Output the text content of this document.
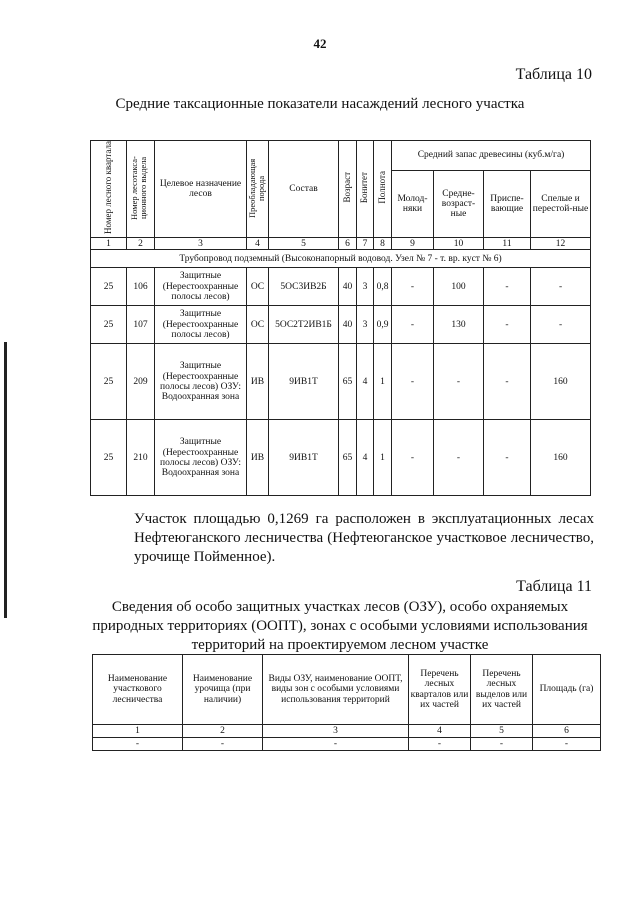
42
Таблица 10
Средние таксационные показатели насаждений лесного участка
Номер лесного квартала	Номер лесотакса-ционного выдела	Целевое назначение лесов	Преобладающая порода	Состав	Возраст	Бонитет	Полнота	Средний запас древесины (куб.м/га)			
								Молод-няки	Средне-возраст-ные	Приспе-вающие	Спелые и перестой-ные
1	2	3	4	5	6	7	8	9	10	11	12
Трубопровод подземный (Высоконапорный водовод. Узел № 7 - т. вр. куст № 6)											
25	106	Защитные (Нерестоохранные полосы лесов)	ОС	5ОС3ИВ2Б	40	3	0,8	-	100	-	-
25	107	Защитные (Нерестоохранные полосы лесов)	ОС	5ОС2Т2ИВ1Б	40	3	0,9	-	130	-	-
25	209	Защитные (Нерестоохранные полосы лесов) ОЗУ: Водоохранная зона	ИВ	9ИВ1Т	65	4	1	-	-	-	160
25	210	Защитные (Нерестоохранные полосы лесов) ОЗУ: Водоохранная зона	ИВ	9ИВ1Т	65	4	1	-	-	-	160
Участок площадью 0,1269 га расположен в эксплуатационных лесах Нефтеюганского лесничества (Нефтеюганское участковое лесничество, урочище Пойменное).
Таблица 11
Сведения об особо защитных участках лесов (ОЗУ), особо охраняемых природных территориях (ООПТ), зонах с особыми условиями использования территорий на проектируемом лесном участке
Наименование участкового лесничества	Наименование урочища (при наличии)	Виды ОЗУ, наименование ООПТ, виды зон с особыми условиями использования территорий	Перечень лесных кварталов или их частей	Перечень лесных выделов или их частей	Площадь (га)
1	2	3	4	5	6
-	-	-	-	-	-
